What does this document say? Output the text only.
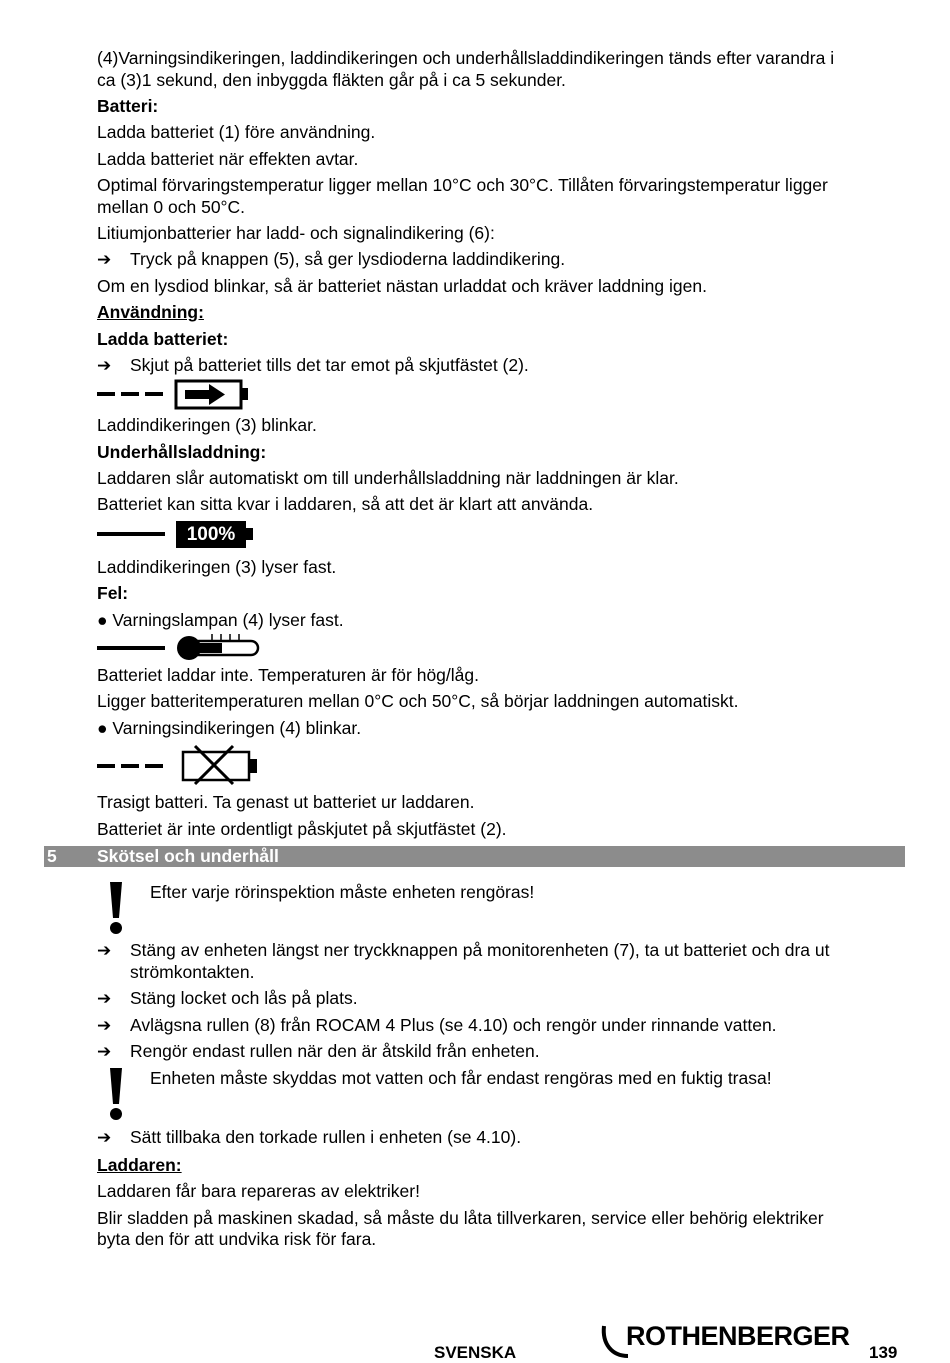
(4)Varningsindikeringen, laddindikeringen och underhållsladdindikeringen tänds efter varandra i

ca (3)1 sekund, den inbyggda fläkten går på i ca 5 sekunder.

Batteri:

Ladda batteriet (1) före användning.

Ladda batteriet när effekten avtar.

Optimal förvaringstemperatur ligger mellan 10°C och 30°C. Tillåten förvaringstemperatur ligger

mellan 0 och 50°C.

Litiumjonbatterier har ladd- och signalindikering (6):

➔ Tryck på knappen (5), så ger lysdioderna laddindikering.

Om en lysdiod blinkar, så är batteriet nästan urladdat och kräver laddning igen.

Användning:

Ladda batteriet:

➔ Skjut på batteriet tills det tar emot på skjutfästet (2).

Laddindikeringen (3) blinkar.

Underhållsladdning:

Laddaren slår automatiskt om till underhållsladdning när laddningen är klar.

Batteriet kan sitta kvar i laddaren, så att det är klart att använda.

100%

Laddindikeringen (3) lyser fast.

Fel:

● Varningslampan (4) lyser fast.

Batteriet laddar inte. Temperaturen är för hög/låg.

Ligger batteritemperaturen mellan 0°C och 50°C, så börjar laddningen automatiskt.

● Varningsindikeringen (4) blinkar.

Trasigt batteri. Ta genast ut batteriet ur laddaren.

Batteriet är inte ordentligt påskjutet på skjutfästet (2).

5 Skötsel och underhåll

Efter varje rörinspektion måste enheten rengöras!

➔ Stäng av enheten längst ner tryckknappen på monitorenheten (7), ta ut batteriet och dra ut

strömkontakten.

➔ Stäng locket och lås på plats.

➔ Avlägsna rullen (8) från ROCAM 4 Plus (se 4.10) och rengör under rinnande vatten.

➔ Rengör endast rullen när den är åtskild från enheten.

Enheten måste skyddas mot vatten och får endast rengöras med en fuktig trasa!

➔ Sätt tillbaka den torkade rullen i enheten (se 4.10).

Laddaren:

Laddaren får bara repareras av elektriker!

Blir sladden på maskinen skadad, så måste du låta tillverkaren, service eller behörig elektriker

byta den för att undvika risk för fara.

SVENSKA
ROTHENBERGER
139
